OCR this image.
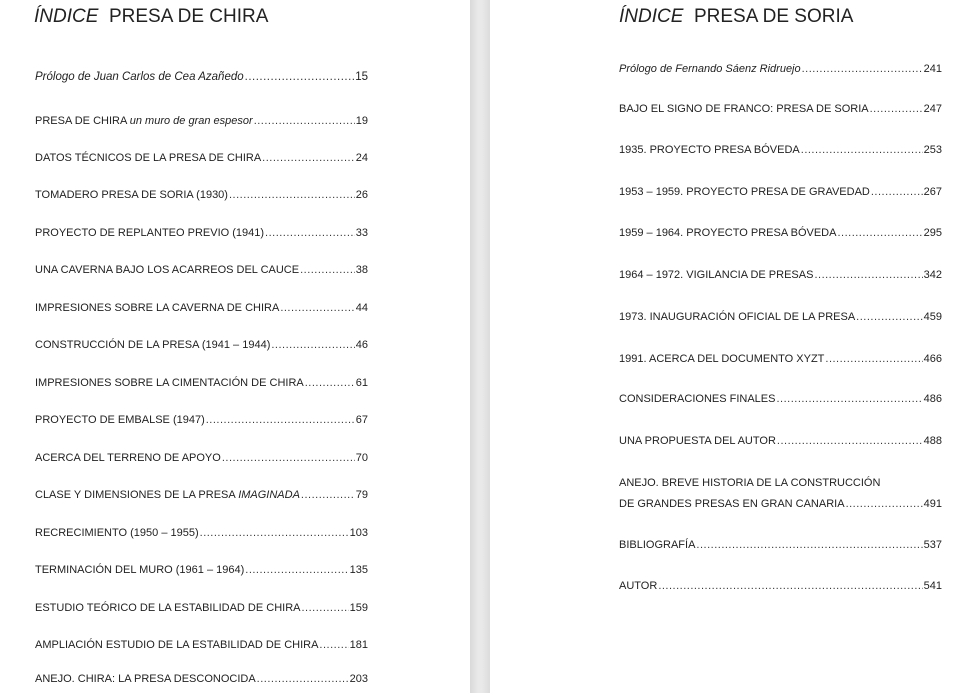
ÍNDICE PRESA DE CHIRA
Prólogo de Juan Carlos de Cea Azañedo .....	15
PRESA DE CHIRA un muro de gran espesor .....	19
DATOS TÉCNICOS DE LA PRESA DE CHIRA .....	24
TOMADERO PRESA DE SORIA (1930) .....	26
PROYECTO DE REPLANTEO PREVIO (1941) .....	33
UNA CAVERNA BAJO LOS ACARREOS DEL CAUCE .....	38
IMPRESIONES SOBRE LA CAVERNA DE CHIRA .....	44
CONSTRUCCIÓN DE LA PRESA (1941 – 1944) .....	46
IMPRESIONES SOBRE LA CIMENTACIÓN DE CHIRA .....	61
PROYECTO DE EMBALSE (1947) .....	67
ACERCA DEL TERRENO DE APOYO .....	70
CLASE Y DIMENSIONES DE LA PRESA IMAGINADA .....	79
RECRECIMIENTO (1950 – 1955) .....	103
TERMINACIÓN DEL MURO (1961 – 1964) .....	135
ESTUDIO TEÓRICO DE LA ESTABILIDAD DE CHIRA .....	159
AMPLIACIÓN ESTUDIO DE LA ESTABILIDAD DE CHIRA .....	181
ANEJO. CHIRA: LA PRESA DESCONOCIDA .....	203
ÍNDICE PRESA DE SORIA
Prólogo de Fernando Sáenz Ridruejo .....	241
BAJO EL SIGNO DE FRANCO: PRESA DE SORIA .....	247
1935. PROYECTO PRESA BÓVEDA .....	253
1953 – 1959. PROYECTO PRESA DE GRAVEDAD .....	267
1959 – 1964. PROYECTO PRESA BÓVEDA .....	295
1964 – 1972. VIGILANCIA DE PRESAS .....	342
1973. INAUGURACIÓN OFICIAL DE LA PRESA .....	459
1991. ACERCA DEL DOCUMENTO XYZT .....	466
CONSIDERACIONES FINALES .....	486
UNA PROPUESTA DEL AUTOR .....	488
ANEJO. BREVE HISTORIA DE LA CONSTRUCCIÓN
DE GRANDES PRESAS EN GRAN CANARIA .....	491
BIBLIOGRAFÍA .....	537
AUTOR .....	541
